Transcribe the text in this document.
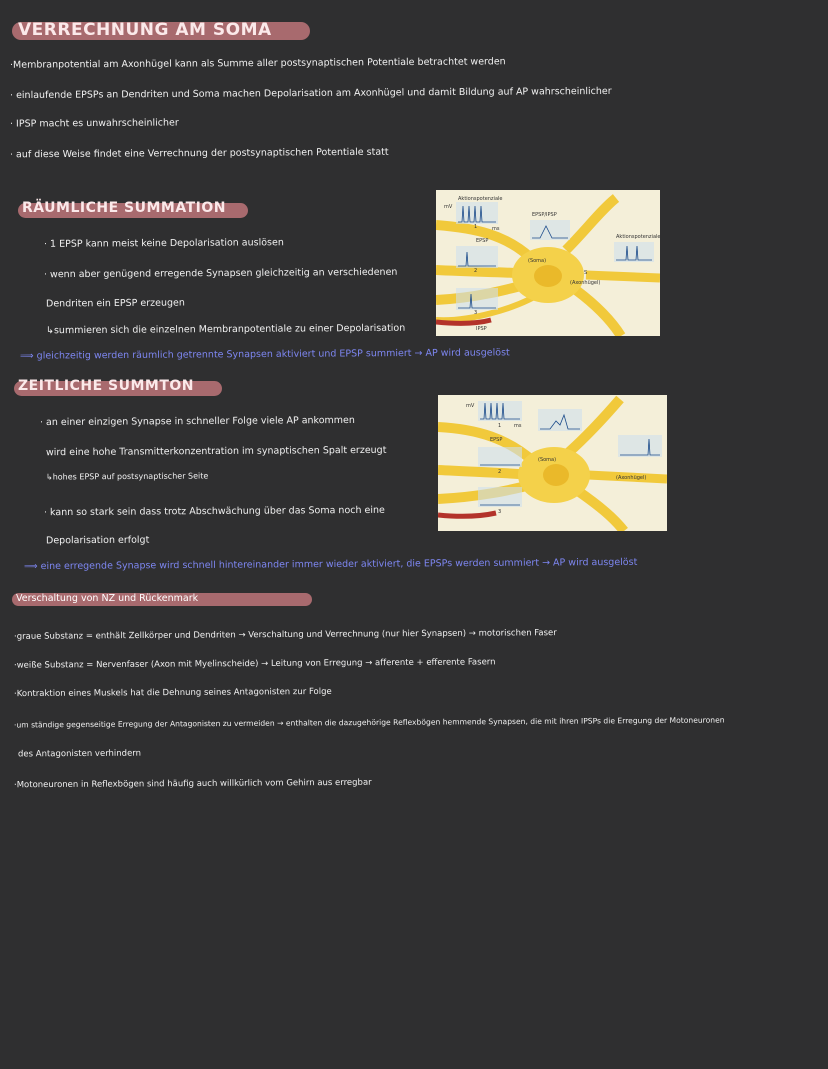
VERRECHNUNG AM SOMA
·Membranpotential am Axonhügel kann als Summe aller postsynaptischen Potentiale betrachtet werden
· einlaufende EPSPs an Dendriten und Soma machen Depolarisation am Axonhügel und damit Bildung auf AP wahrscheinlicher
· IPSP macht es unwahrscheinlicher
· auf diese Weise findet eine Verrechnung der postsynaptischen Potentiale statt
RÄUMLICHE SUMMATION
· 1 EPSP kann meist keine Depolarisation auslösen
· wenn aber genügend erregende Synapsen gleichzeitig an verschiedenen
Dendriten ein EPSP erzeugen
↳summieren sich die einzelnen Membranpotentiale zu einer Depolarisation
⟹ gleichzeitig werden räumlich getrennte Synapsen aktiviert und EPSP summiert → AP wird ausgelöst
Aktionspotenziale
mV
ms
EPSP/IPSP
Aktionspotenziale
EPSP
(Soma)
(Axonhügel)
IPSP
S
1
2
3
ZEITLICHE SUMMTON
· an einer einzigen Synapse in schneller Folge viele AP ankommen
wird eine hohe Transmitterkonzentration im synaptischen Spalt erzeugt
↳hohes EPSP auf postsynaptischer Seite
· kann so stark sein dass trotz Abschwächung über das Soma noch eine
Depolarisation erfolgt
⟹ eine erregende Synapse wird schnell hintereinander immer wieder aktiviert, die EPSPs werden summiert → AP wird ausgelöst
mV
ms
EPSP
(Soma)
(Axonhügel)
1
2
3
Verschaltung von NZ und Rückenmark
·graue Substanz = enthält Zellkörper und Dendriten → Verschaltung und Verrechnung (nur hier Synapsen) → motorischen Faser
·weiße Substanz = Nervenfaser (Axon mit Myelinscheide) → Leitung von Erregung → afferente + efferente Fasern
·Kontraktion eines Muskels hat die Dehnung seines Antagonisten zur Folge
·um ständige gegenseitige Erregung der Antagonisten zu vermeiden → enthalten die dazugehörige Reflexbögen hemmende Synapsen, die mit ihren IPSPs die Erregung der Motoneuronen
des Antagonisten verhindern
·Motoneuronen in Reflexbögen sind häufig auch willkürlich vom Gehirn aus erregbar
